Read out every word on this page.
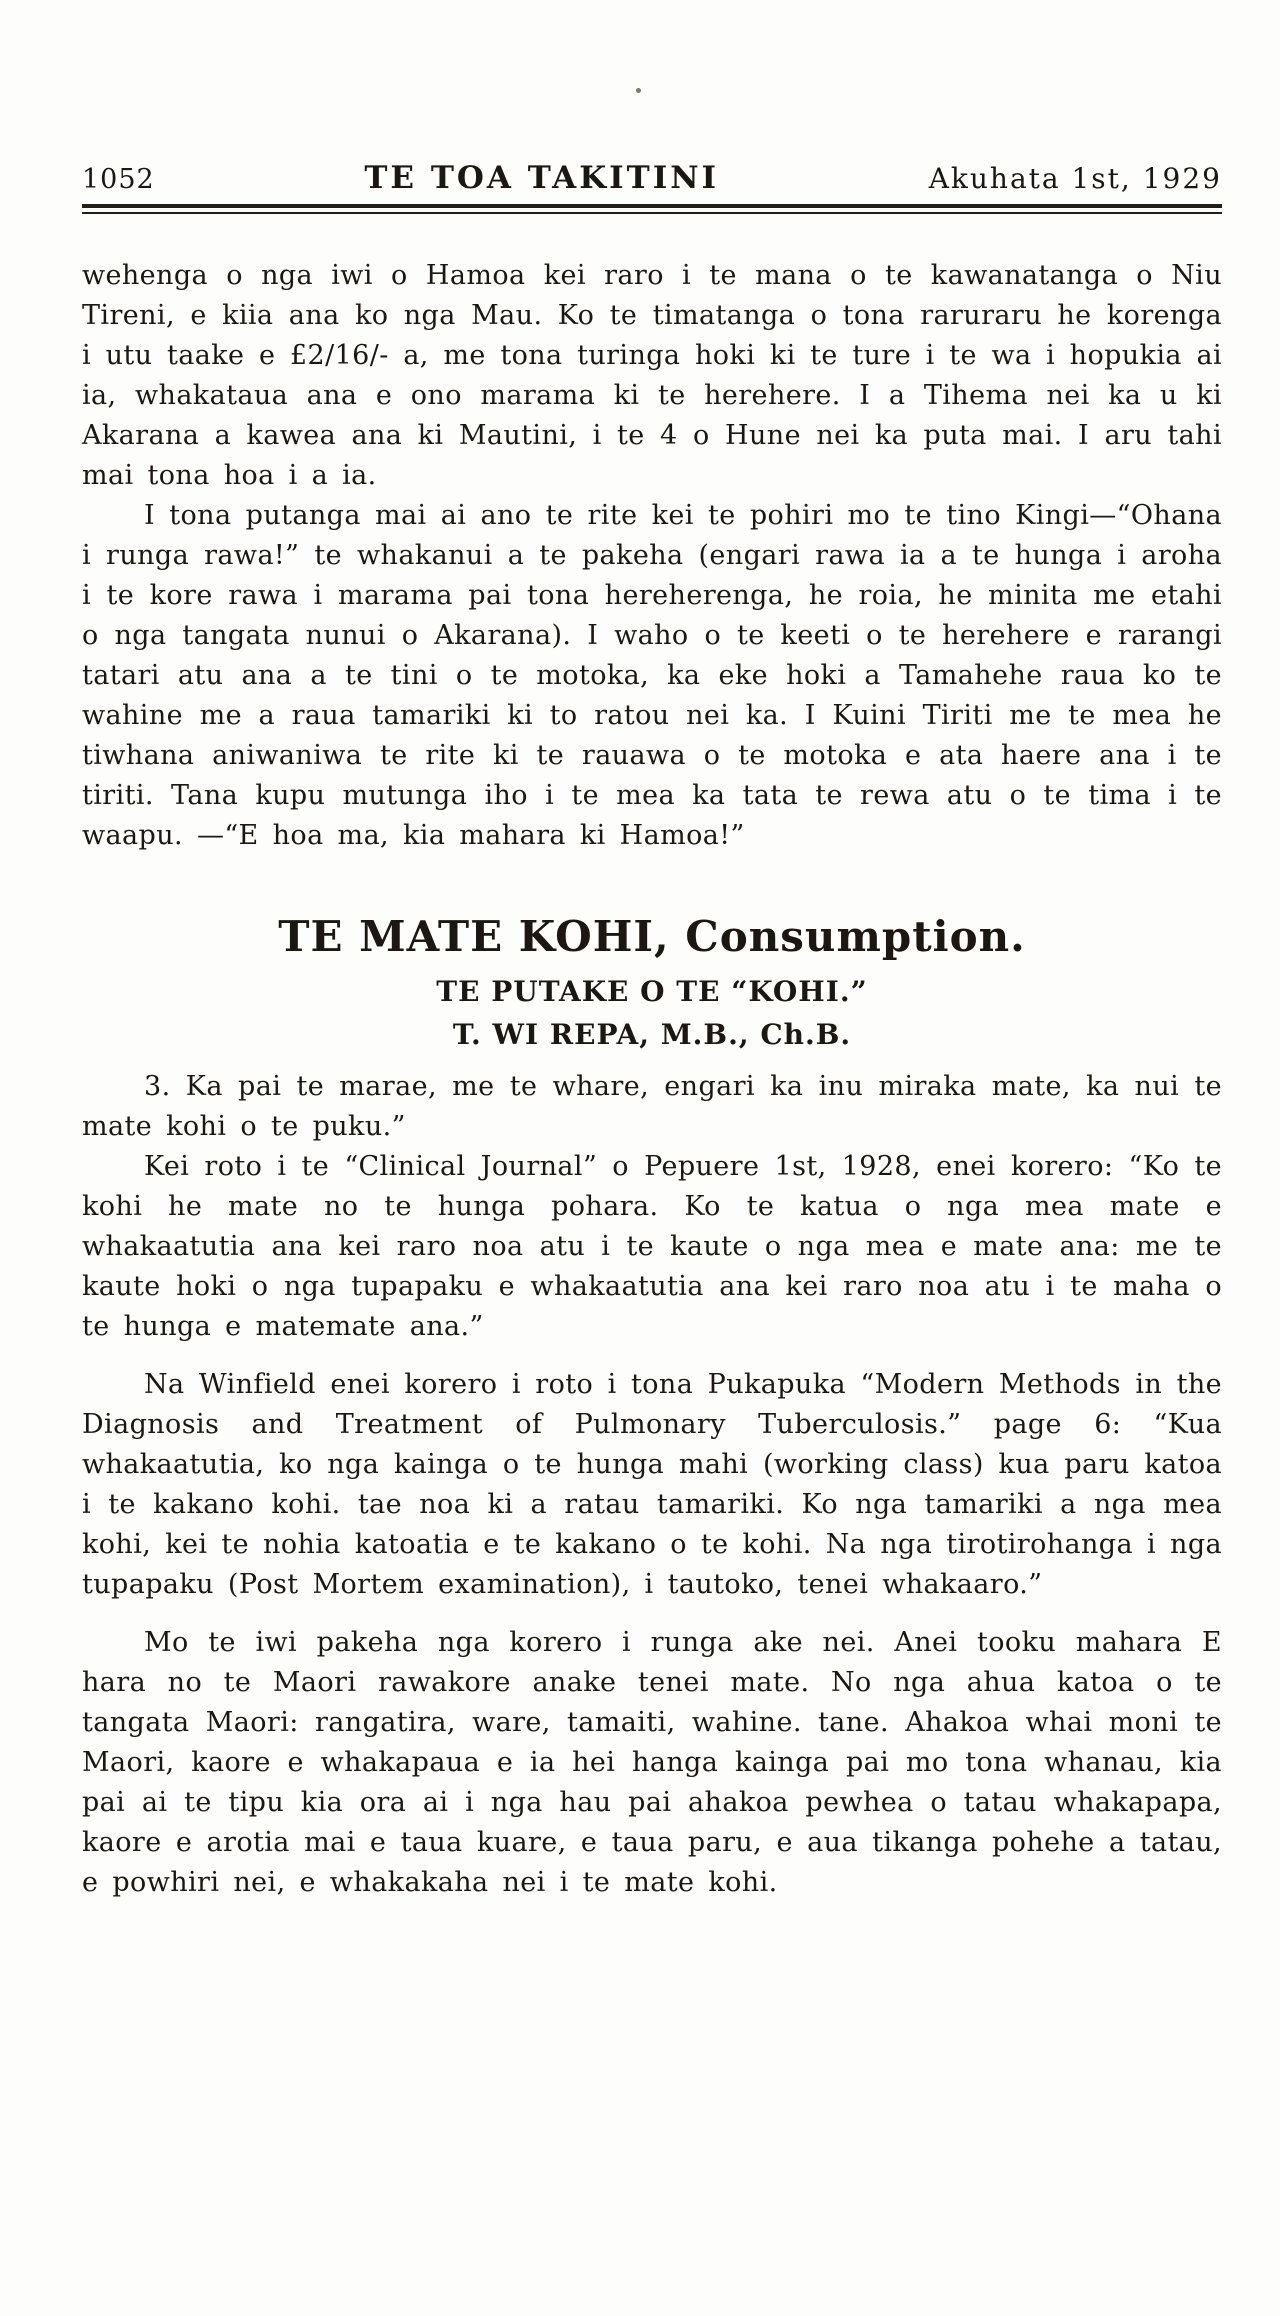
1052	TE TOA TAKITINI	Akuhata 1st, 1929

wehenga o nga iwi o Hamoa kei raro i te mana o te kawanatanga o Niu Tireni, e kiia ana ko nga Mau. Ko te timatanga o tona raruraru he korenga i utu taake e £2/16/- a, me tona turinga hoki ki te ture i te wa i hopukia ai ia, whakataua ana e ono marama ki te herehere. I a Tihema nei ka u ki Akarana a kawea ana ki Mautini, i te 4 o Hune nei ka puta mai. I aru tahi mai tona hoa i a ia.

I tona putanga mai ai ano te rite kei te pohiri mo te tino Kingi—“Ohana i runga rawa!” te whakanui a te pakeha (engari rawa ia a te hunga i aroha i te kore rawa i marama pai tona hereherenga, he roia, he minita me etahi o nga tangata nunui o Akarana). I waho o te keeti o te herehere e rarangi tatari atu ana a te tini o te motoka, ka eke hoki a Tamahehe raua ko te wahine me a raua tamariki ki to ratou nei ka. I Kuini Tiriti me te mea he tiwhana aniwaniwa te rite ki te rauawa o te motoka e ata haere ana i te tiriti. Tana kupu mutunga iho i te mea ka tata te rewa atu o te tima i te waapu. —“E hoa ma, kia mahara ki Hamoa!”

TE MATE KOHI, Consumption.
TE PUTAKE O TE “KOHI.”
T. WI REPA, M.B., Ch.B.

3. Ka pai te marae, me te whare, engari ka inu miraka mate, ka nui te mate kohi o te puku.”

Kei roto i te “Clinical Journal” o Pepuere 1st, 1928, enei korero: “Ko te kohi he mate no te hunga pohara. Ko te katua o nga mea mate e whakaatutia ana kei raro noa atu i te kaute o nga mea e mate ana: me te kaute hoki o nga tupapaku e whakaatutia ana kei raro noa atu i te maha o te hunga e matemate ana.”

Na Winfield enei korero i roto i tona Pukapuka “Modern Methods in the Diagnosis and Treatment of Pulmonary Tuberculosis.” page 6: “Kua whakaatutia, ko nga kainga o te hunga mahi (working class) kua paru katoa i te kakano kohi. tae noa ki a ratau tamariki. Ko nga tamariki a nga mea kohi, kei te nohia katoatia e te kakano o te kohi. Na nga tirotirohanga i nga tupapaku (Post Mortem examination), i tautoko, tenei whakaaro.”

Mo te iwi pakeha nga korero i runga ake nei. Anei tooku mahara E hara no te Maori rawakore anake tenei mate. No nga ahua katoa o te tangata Maori: rangatira, ware, tamaiti, wahine. tane. Ahakoa whai moni te Maori, kaore e whakapaua e ia hei hanga kainga pai mo tona whanau, kia pai ai te tipu kia ora ai i nga hau pai ahakoa pewhea o tatau whakapapa, kaore e arotia mai e taua kuare, e taua paru, e aua tikanga pohehe a tatau, e powhiri nei, e whakakaha nei i te mate kohi.
